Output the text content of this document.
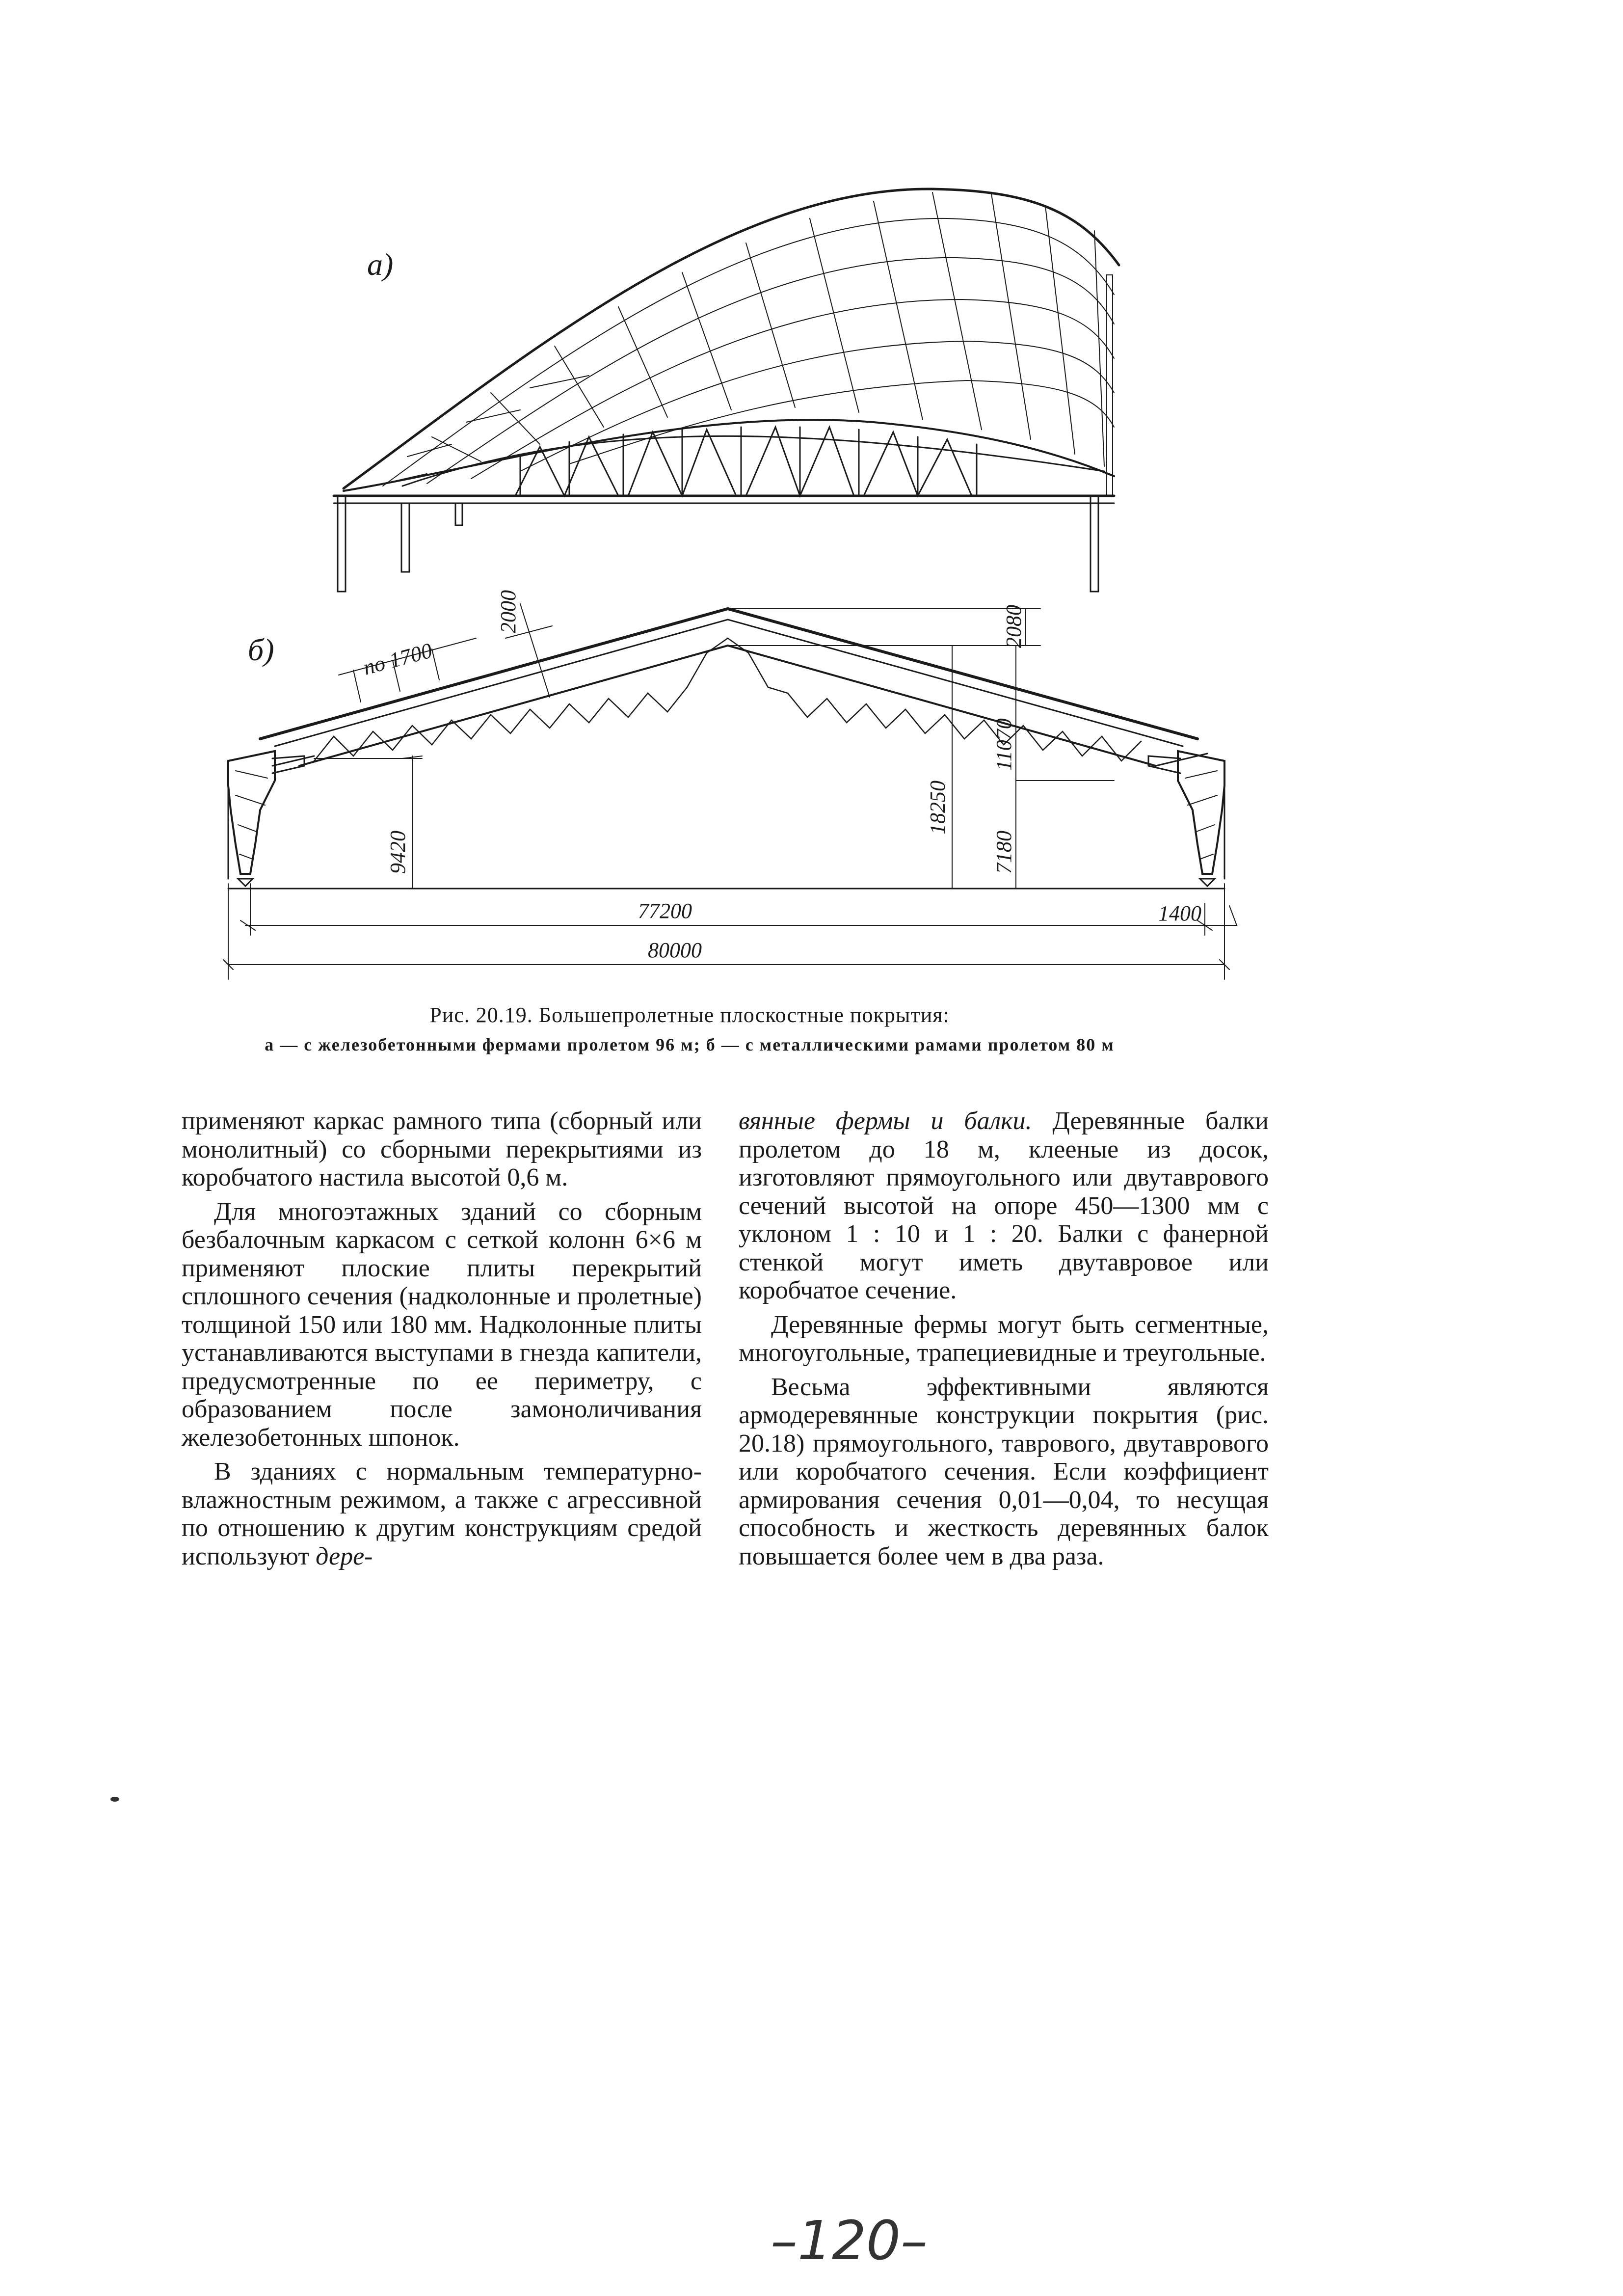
а)
по 1700
2000	2080
18250
11070
7180
9420
77200	1400
80000
б)
Рис. 20.19. Большепролетные плоскостные покрытия:
а — с железобетонными фермами пролетом 96 м; б — с металлическими рамами пролетом 80 м

применяют каркас рамного типа (сборный или монолитный) со сборными перекрытиями из коробчатого настила высотой 0,6 м.

Для многоэтажных зданий со сборным безбалочным каркасом с сеткой колонн 6×6 м применяют плоские плиты перекрытий сплошного сечения (надколонные и пролетные) толщиной 150 или 180 мм. Надколонные плиты устанавливаются выступами в гнезда капители, предусмотренные по ее периметру, с образованием после замоноличивания железобетонных шпонок.

В зданиях с нормальным температурно-влажностным режимом, а также с агрессивной по отношению к другим конструкциям средой используют дере-

вянные фермы и балки. Деревянные балки пролетом до 18 м, клееные из досок, изготовляют прямоугольного или двутаврового сечений высотой на опоре 450—1300 мм с уклоном 1 : 10 и 1 : 20. Балки с фанерной стенкой могут иметь двутавровое или коробчатое сечение.

Деревянные фермы могут быть сегментные, многоугольные, трапециевидные и треугольные.

Весьма эффективными являются армодеревянные конструкции покрытия (рис. 20.18) прямоугольного, таврового, двутаврового или коробчатого сечения. Если коэффициент армирования сечения 0,01—0,04, то несущая способность и жесткость деревянных балок повышается более чем в два раза.

–120–
